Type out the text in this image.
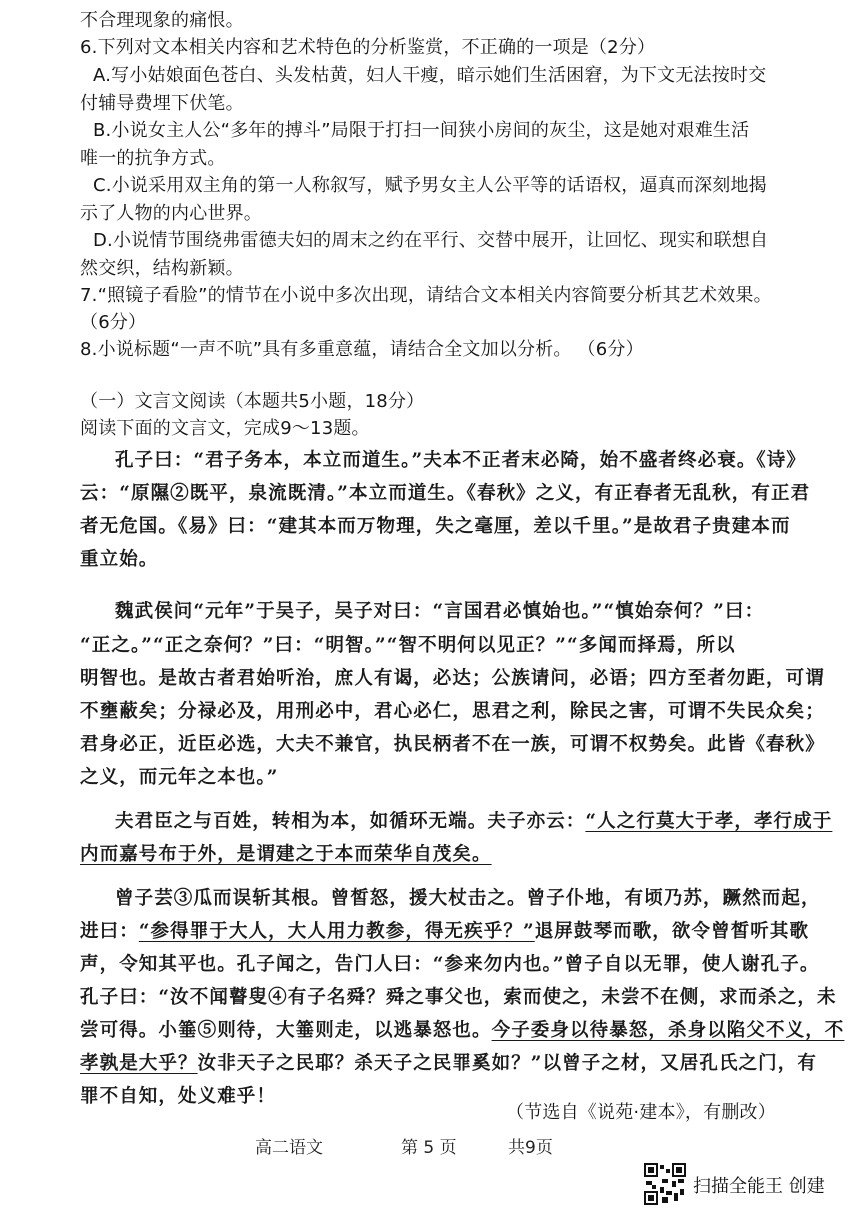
不合理现象的痛恨。
6.下列对文本相关内容和艺术特色的分析鉴赏，不正确的一项是（2分）
A.写小姑娘面色苍白、头发枯黄，妇人干瘦，暗示她们生活困窘，为下文无法按时交
付辅导费埋下伏笔。
B.小说女主人公“多年的搏斗”局限于打扫一间狭小房间的灰尘，这是她对艰难生活
唯一的抗争方式。
C.小说采用双主角的第一人称叙写，赋予男女主人公平等的话语权，逼真而深刻地揭
示了人物的内心世界。
D.小说情节围绕弗雷德夫妇的周末之约在平行、交替中展开，让回忆、现实和联想自
然交织，结构新颖。
7.“照镜子看脸”的情节在小说中多次出现，请结合文本相关内容简要分析其艺术效果。
（6分）
8.小说标题“一声不吭”具有多重意蕴，请结合全文加以分析。 （6分）
（一）文言文阅读（本题共5小题，18分）
阅读下面的文言文，完成9～13题。
孔子曰：“君子务本，本立而道生。”夫本不正者末必陭，始不盛者终必衰。《诗》
云：“原隰②既平，泉流既清。”本立而道生。《春秋》之义，有正春者无乱秋，有正君
者无危国。《易》曰：“建其本而万物理，失之毫厘，差以千里。”是故君子贵建本而
重立始。
魏武侯问“元年”于吴子，吴子对曰：“言国君必慎始也。”“慎始奈何？”曰：
“正之。”“正之奈何？”曰：“明智。”“智不明何以见正？”“多闻而择焉，所以
明智也。是故古者君始听治，庶人有谒，必达；公族请问，必语；四方至者勿距，可谓
不壅蔽矣；分禄必及，用刑必中，君心必仁，思君之利，除民之害，可谓不失民众矣；
君身必正，近臣必选，大夫不兼官，执民柄者不在一族，可谓不权势矣。此皆《春秋》
之义，而元年之本也。”
夫君臣之与百姓，转相为本，如循环无端。夫子亦云：“人之行莫大于孝，孝行成于
内而嘉号布于外，是谓建之于本而荣华自茂矣。
曾子芸③瓜而误斩其根。曾皙怒，援大杖击之。曾子仆地，有顷乃苏，蹶然而起，
进曰：“参得罪于大人，大人用力教参，得无疾乎？”退屏鼓琴而歌，欲令曾皙听其歌
声，令知其平也。孔子闻之，告门人曰：“参来勿内也。”曾子自以无罪，使人谢孔子。
孔子曰：“汝不闻瞽叟④有子名舜？舜之事父也，索而使之，未尝不在侧，求而杀之，未
尝可得。小箠⑤则待，大箠则走，以逃暴怒也。今子委身以待暴怒，杀身以陷父不义，不
孝孰是大乎？汝非天子之民耶？杀天子之民罪奚如？”以曾子之材，又居孔氏之门，有
罪不自知，处义难乎！
（节选自《说苑·建本》，有删改）
高二语文	第 5 页	共9页
扫描全能王 创建
